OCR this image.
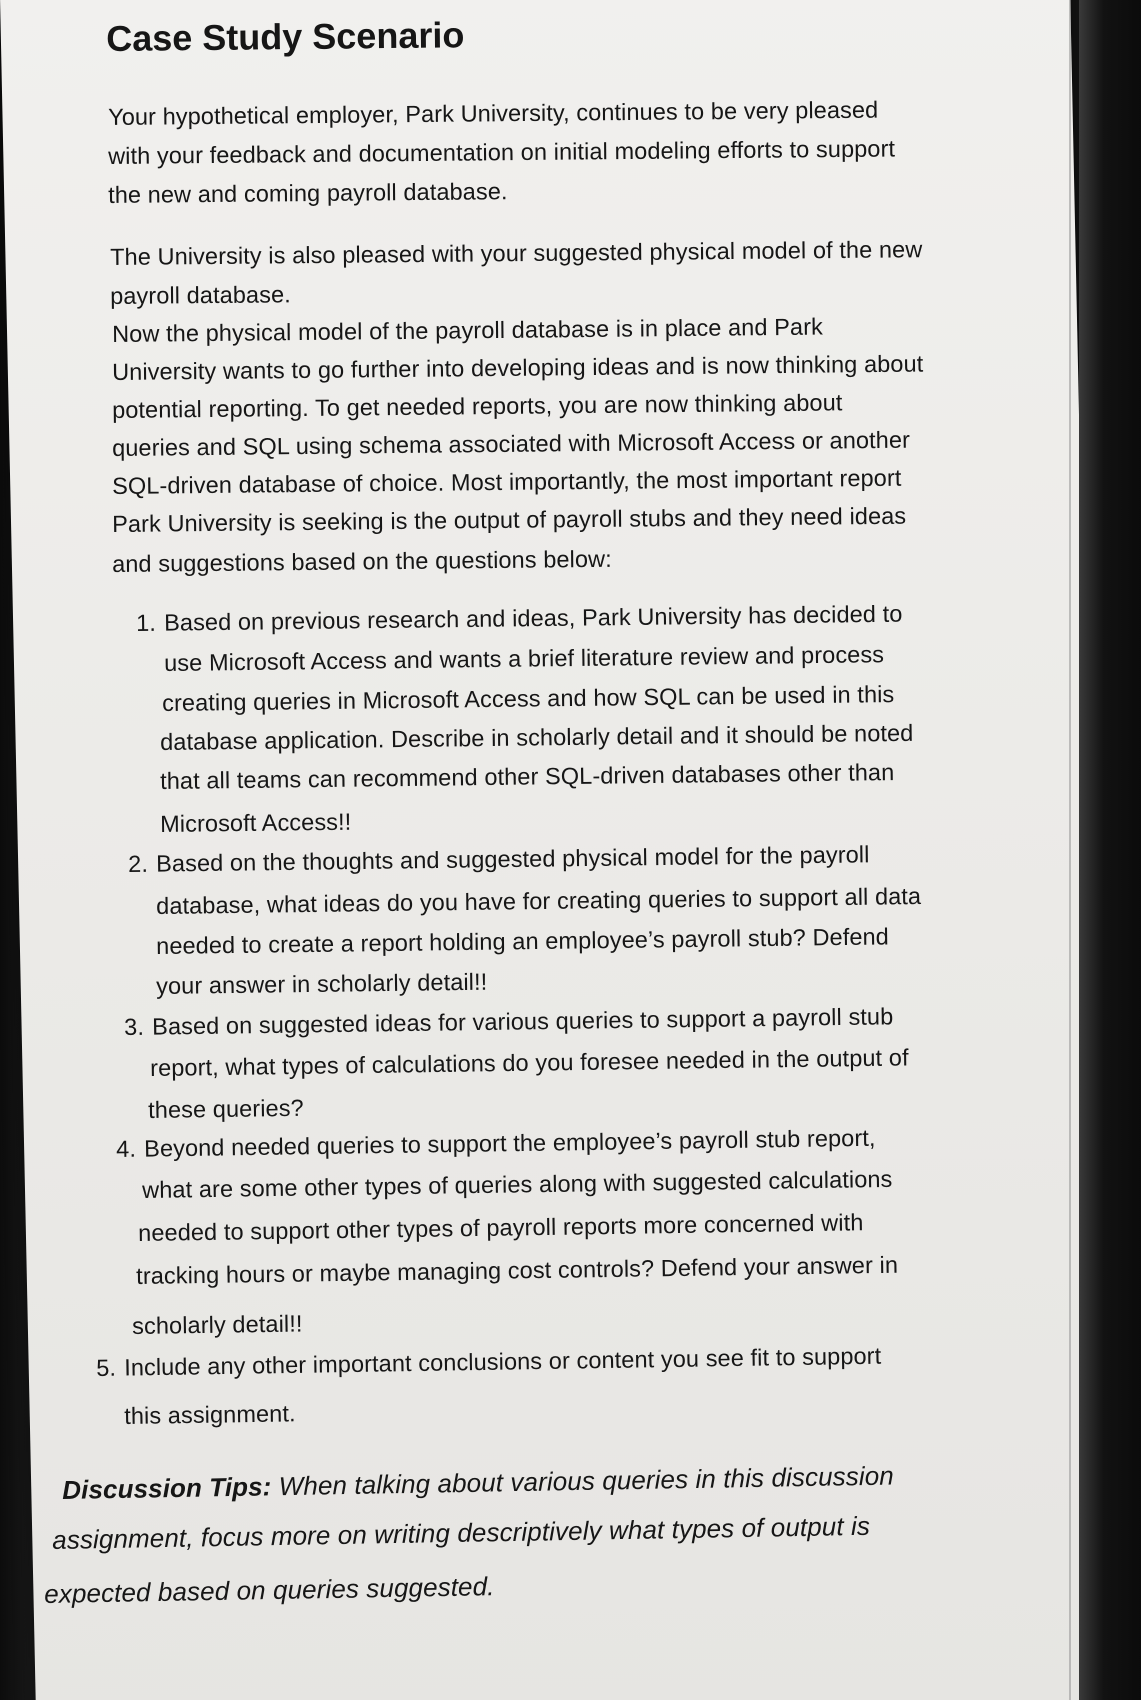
Case Study Scenario
Your hypothetical employer, Park University, continues to be very pleased
with your feedback and documentation on initial modeling efforts to support
the new and coming payroll database.
The University is also pleased with your suggested physical model of the new
payroll database.
Now the physical model of the payroll database is in place and Park
University wants to go further into developing ideas and is now thinking about
potential reporting. To get needed reports, you are now thinking about
queries and SQL using schema associated with Microsoft Access or another
SQL-driven database of choice. Most importantly, the most important report
Park University is seeking is the output of payroll stubs and they need ideas
and suggestions based on the questions below:
1. Based on previous research and ideas, Park University has decided to
use Microsoft Access and wants a brief literature review and process
creating queries in Microsoft Access and how SQL can be used in this
database application. Describe in scholarly detail and it should be noted
that all teams can recommend other SQL-driven databases other than
Microsoft Access!!
2. Based on the thoughts and suggested physical model for the payroll
database, what ideas do you have for creating queries to support all data
needed to create a report holding an employee’s payroll stub? Defend
your answer in scholarly detail!!
3. Based on suggested ideas for various queries to support a payroll stub
report, what types of calculations do you foresee needed in the output of
these queries?
4. Beyond needed queries to support the employee’s payroll stub report,
what are some other types of queries along with suggested calculations
needed to support other types of payroll reports more concerned with
tracking hours or maybe managing cost controls? Defend your answer in
scholarly detail!!
5. Include any other important conclusions or content you see fit to support
this assignment.
Discussion Tips: When talking about various queries in this discussion
assignment, focus more on writing descriptively what types of output is
expected based on queries suggested.
